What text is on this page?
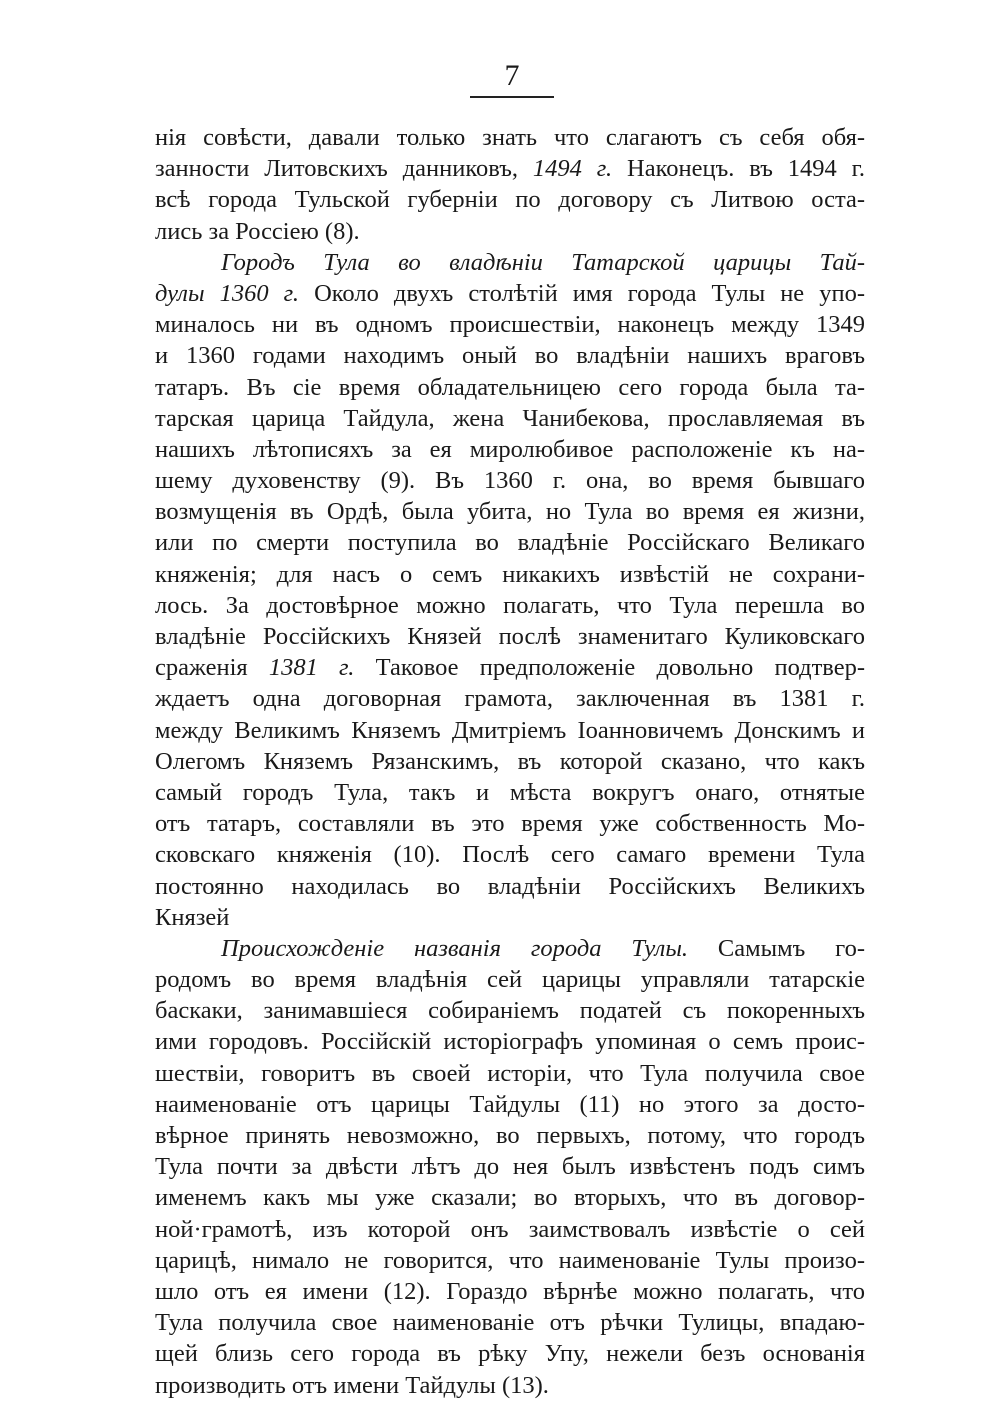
7
нія совѣсти, давали только знать что слагаютъ съ себя обя-
занности Литовскихъ данниковъ, 1494 г. Наконецъ. въ 1494 г.
всѣ города Тульской губерніи по договору съ Литвою оста-
лись за Россіею (8).
Городъ Тула во владѣніи Татарской царицы Тай-
дулы 1360 г. Около двухъ столѣтій имя города Тулы не упо-
миналось ни въ одномъ происшествіи, наконецъ между 1349
и 1360 годами находимъ оный во владѣніи нашихъ враговъ
татаръ. Въ сіе время обладательницею сего города была та-
тарская царица Тайдула, жена Чанибекова, прославляемая въ
нашихъ лѣтописяхъ за ея миролюбивое расположеніе къ на-
шему духовенству (9). Въ 1360 г. она, во время бывшаго
возмущенія въ Ордѣ, была убита, но Тула во время ея жизни,
или по смерти поступила во владѣніе Россійскаго Великаго
княженія; для насъ о семъ никакихъ извѣстій не сохрани-
лось. За достовѣрное можно полагать, что Тула перешла во
владѣніе Россійскихъ Князей послѣ знаменитаго Куликовскаго
сраженія 1381 г. Таковое предположеніе довольно подтвер-
ждаетъ одна договорная грамота, заключенная въ 1381 г.
между Великимъ Княземъ Дмитріемъ Іоанновичемъ Донскимъ и
Олегомъ Княземъ Рязанскимъ, въ которой сказано, что какъ
самый городъ Тула, такъ и мѣста вокругъ онаго, отнятые
отъ татаръ, составляли въ это время уже собственность Мо-
сковскаго княженія (10). Послѣ сего самаго времени Тула
постоянно находилась во владѣніи Россійскихъ Великихъ
Князей
Происхожденіе названія города Тулы. Самымъ го-
родомъ во время владѣнія сей царицы управляли татарскіе
баскаки, занимавшіеся собираніемъ податей съ покоренныхъ
ими городовъ. Россійскій исторіографъ упоминая о семъ проис-
шествіи, говоритъ въ своей исторіи, что Тула получила свое
наименованіе отъ царицы Тайдулы (11) но этого за досто-
вѣрное принять невозможно, во первыхъ, потому, что городъ
Тула почти за двѣсти лѣтъ до нея былъ извѣстенъ подъ симъ
именемъ какъ мы уже сказали; во вторыхъ, что въ договор-
ной·грамотѣ, изъ которой онъ заимствовалъ извѣстіе о сей
царицѣ, нимало не говорится, что наименованіе Тулы произо-
шло отъ ея имени (12). Гораздо вѣрнѣе можно полагать, что
Тула получила свое наименованіе отъ рѣчки Тулицы, впадаю-
щей близь сего города въ рѣку Упу, нежели безъ основанія
производить отъ имени Тайдулы (13).
